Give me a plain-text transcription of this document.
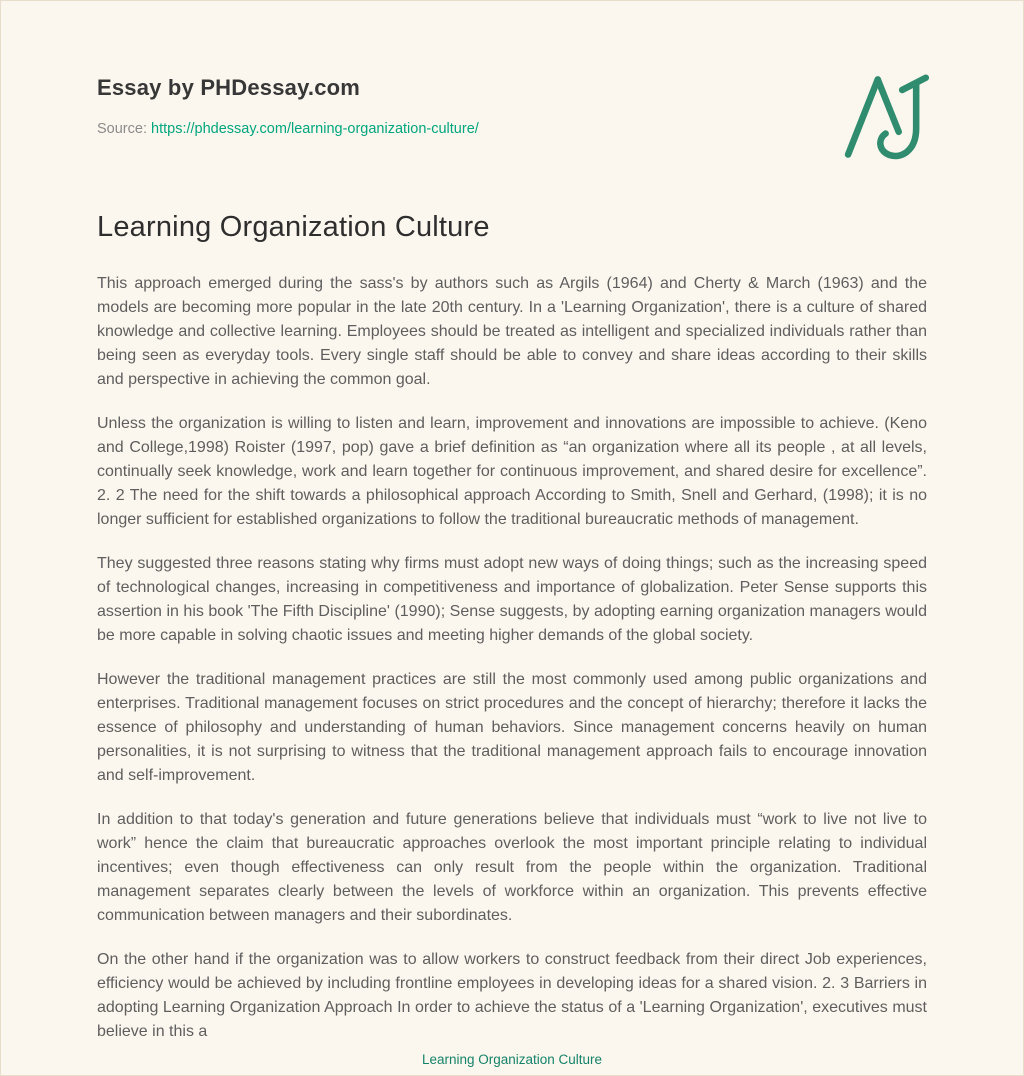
Essay by PHDessay.com
Source: https://phdessay.com/learning-organization-culture/
Learning Organization Culture

This approach emerged during the sass's by authors such as Argils (1964) and Cherty & March (1963) and the models are becoming more popular in the late 20th century. In a 'Learning Organization', there is a culture of shared knowledge and collective learning. Employees should be treated as intelligent and specialized individuals rather than being seen as everyday tools. Every single staff should be able to convey and share ideas according to their skills and perspective in achieving the common goal.

Unless the organization is willing to listen and learn, improvement and innovations are impossible to achieve. (Keno and College,1998) Roister (1997, pop) gave a brief definition as “an organization where all its people , at all levels, continually seek knowledge, work and learn together for continuous improvement, and shared desire for excellence”. 2. 2 The need for the shift towards a philosophical approach According to Smith, Snell and Gerhard, (1998); it is no longer sufficient for established organizations to follow the traditional bureaucratic methods of management.

They suggested three reasons stating why firms must adopt new ways of doing things; such as the increasing speed of technological changes, increasing in competitiveness and importance of globalization. Peter Sense supports this assertion in his book 'The Fifth Discipline' (1990); Sense suggests, by adopting earning organization managers would be more capable in solving chaotic issues and meeting higher demands of the global society.

However the traditional management practices are still the most commonly used among public organizations and enterprises. Traditional management focuses on strict procedures and the concept of hierarchy; therefore it lacks the essence of philosophy and understanding of human behaviors. Since management concerns heavily on human personalities, it is not surprising to witness that the traditional management approach fails to encourage innovation and self-improvement.

In addition to that today's generation and future generations believe that individuals must “work to live not live to work” hence the claim that bureaucratic approaches overlook the most important principle relating to individual incentives; even though effectiveness can only result from the people within the organization. Traditional management separates clearly between the levels of workforce within an organization. This prevents effective communication between managers and their subordinates.

On the other hand if the organization was to allow workers to construct feedback from their direct Job experiences, efficiency would be achieved by including frontline employees in developing ideas for a shared vision. 2. 3 Barriers in adopting Learning Organization Approach In order to achieve the status of a 'Learning Organization', executives must believe in this a

Learning Organization Culture
